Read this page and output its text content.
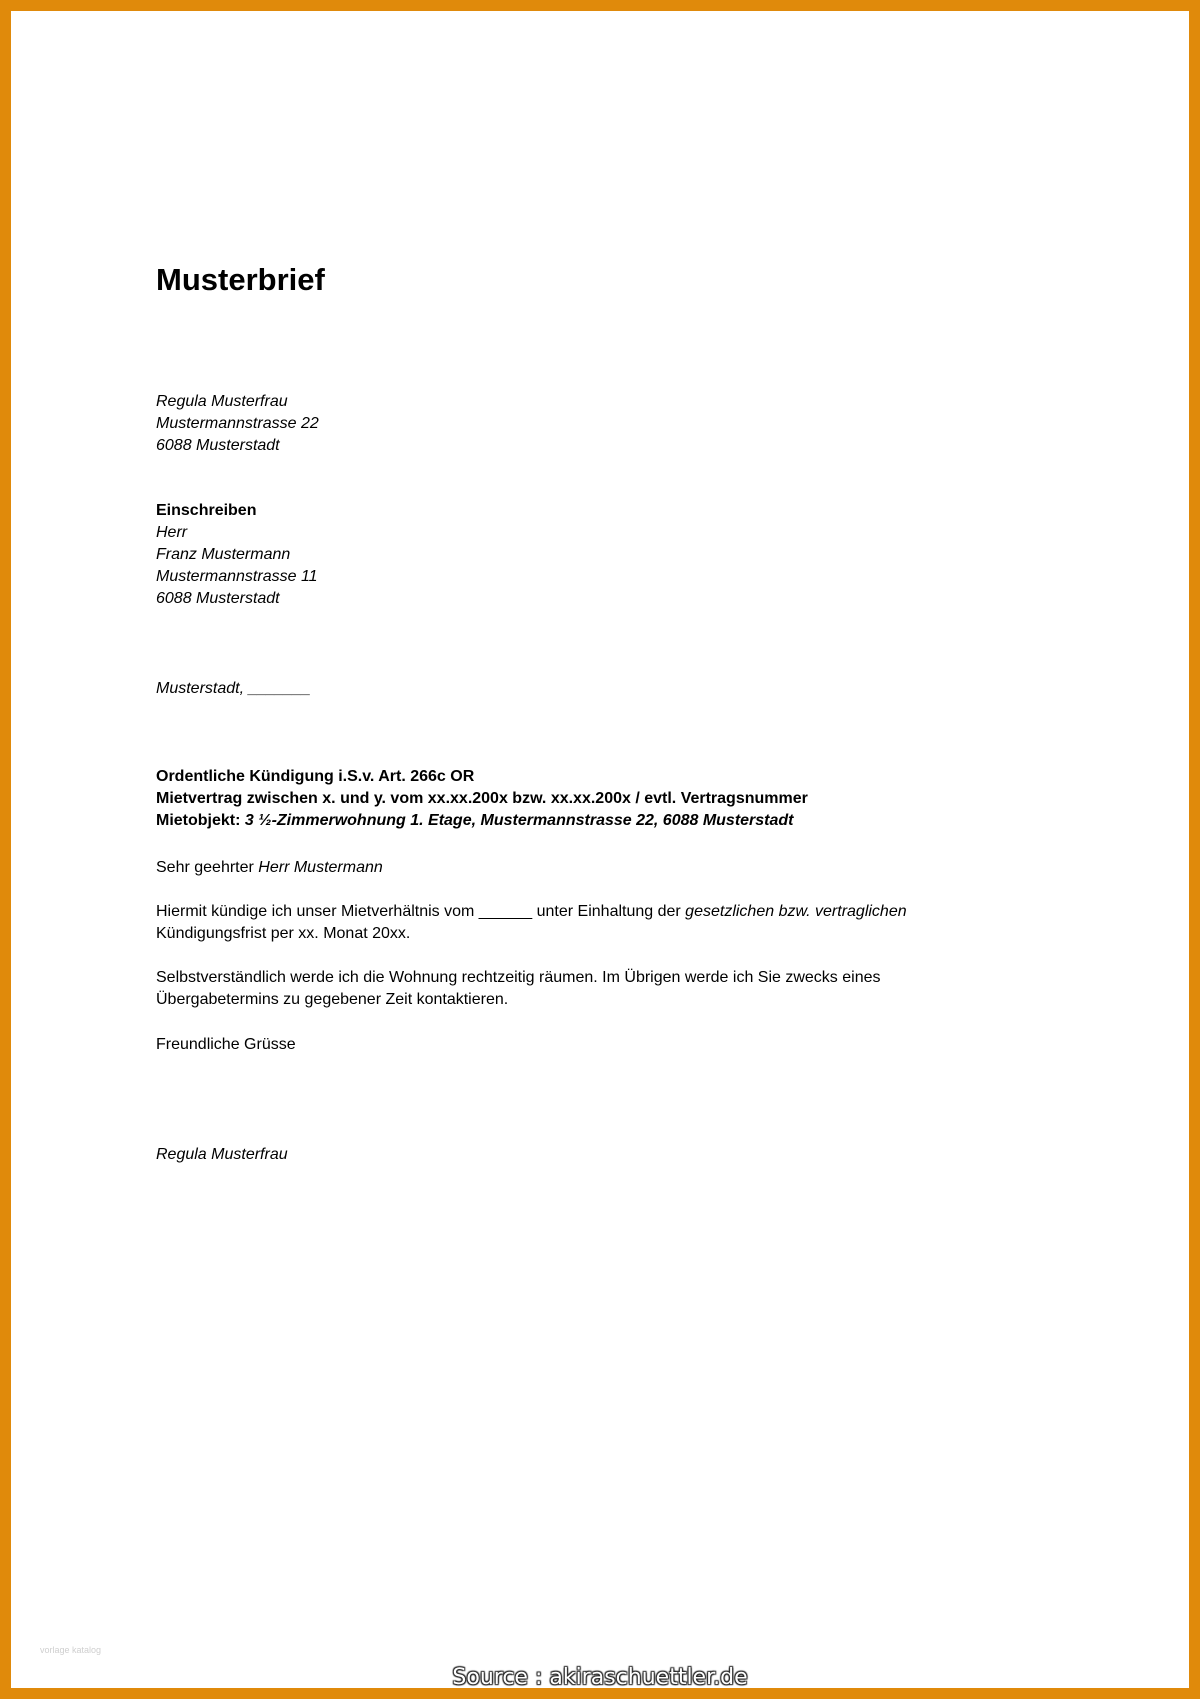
Musterbrief
Regula Musterfrau
Mustermannstrasse 22
6088 Musterstadt
Einschreiben
Herr
Franz Mustermann
Mustermannstrasse 11
6088 Musterstadt
Musterstadt, _______
Ordentliche Kündigung i.S.v. Art. 266c OR
Mietvertrag zwischen x. und y. vom xx.xx.200x bzw. xx.xx.200x / evtl. Vertragsnummer
Mietobjekt: 3 ½-Zimmerwohnung 1. Etage, Mustermannstrasse 22, 6088 Musterstadt
Sehr geehrter Herr Mustermann
Hiermit kündige ich unser Mietverhältnis vom ______ unter Einhaltung der gesetzlichen bzw. vertraglichen
Kündigungsfrist per xx. Monat 20xx.
Selbstverständlich werde ich die Wohnung rechtzeitig räumen. Im Übrigen werde ich Sie zwecks eines
Übergabetermins zu gegebener Zeit kontaktieren.
Freundliche Grüsse
Regula Musterfrau
vorlage katalog
Source : akiraschuettler.de
